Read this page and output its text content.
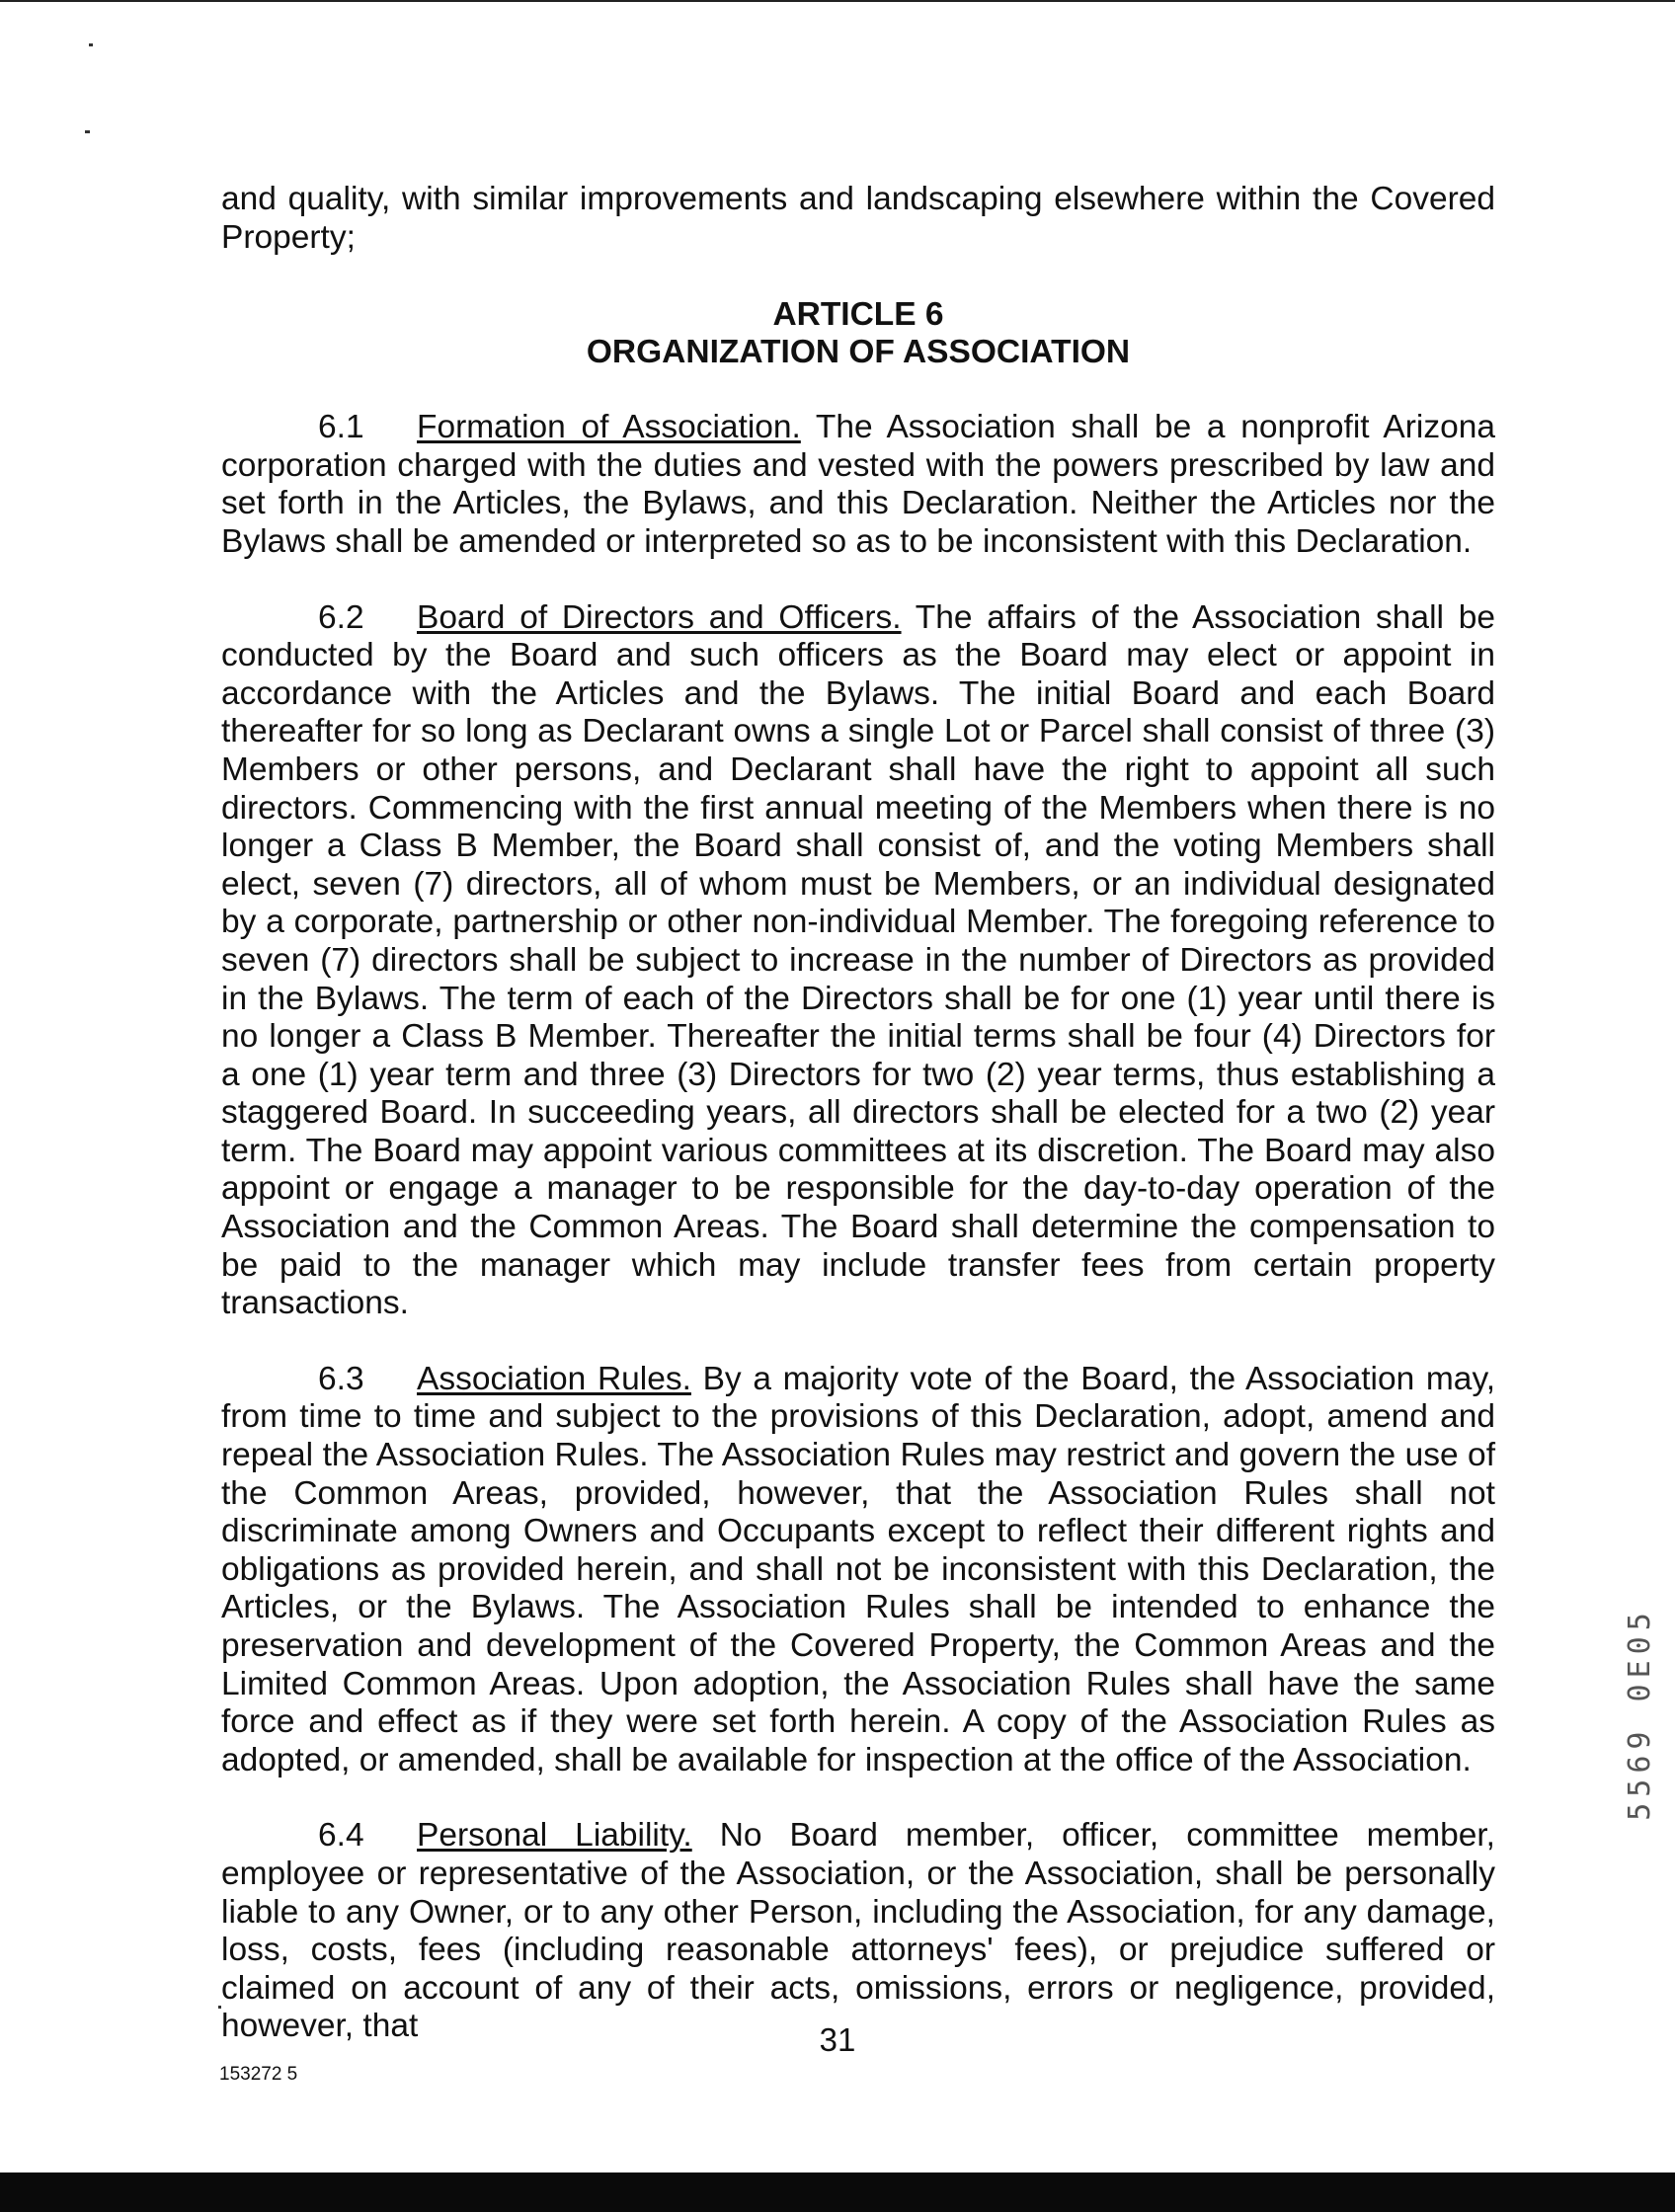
and quality, with similar improvements and landscaping elsewhere within the Covered Property;

ARTICLE 6
ORGANIZATION OF ASSOCIATION

6.1 Formation of Association. The Association shall be a nonprofit Arizona corporation charged with the duties and vested with the powers prescribed by law and set forth in the Articles, the Bylaws, and this Declaration. Neither the Articles nor the Bylaws shall be amended or interpreted so as to be inconsistent with this Declaration.

6.2 Board of Directors and Officers. The affairs of the Association shall be conducted by the Board and such officers as the Board may elect or appoint in accordance with the Articles and the Bylaws. The initial Board and each Board thereafter for so long as Declarant owns a single Lot or Parcel shall consist of three (3) Members or other persons, and Declarant shall have the right to appoint all such directors. Commencing with the first annual meeting of the Members when there is no longer a Class B Member, the Board shall consist of, and the voting Members shall elect, seven (7) directors, all of whom must be Members, or an individual designated by a corporate, partnership or other non-individual Member. The foregoing reference to seven (7) directors shall be subject to increase in the number of Directors as provided in the Bylaws. The term of each of the Directors shall be for one (1) year until there is no longer a Class B Member. Thereafter the initial terms shall be four (4) Directors for a one (1) year term and three (3) Directors for two (2) year terms, thus establishing a staggered Board. In succeeding years, all directors shall be elected for a two (2) year term. The Board may appoint various committees at its discretion. The Board may also appoint or engage a manager to be responsible for the day-to-day operation of the Association and the Common Areas. The Board shall determine the compensation to be paid to the manager which may include transfer fees from certain property transactions.

6.3 Association Rules. By a majority vote of the Board, the Association may, from time to time and subject to the provisions of this Declaration, adopt, amend and repeal the Association Rules. The Association Rules may restrict and govern the use of the Common Areas, provided, however, that the Association Rules shall not discriminate among Owners and Occupants except to reflect their different rights and obligations as provided herein, and shall not be inconsistent with this Declaration, the Articles, or the Bylaws. The Association Rules shall be intended to enhance the preservation and development of the Covered Property, the Common Areas and the Limited Common Areas. Upon adoption, the Association Rules shall have the same force and effect as if they were set forth herein. A copy of the Association Rules as adopted, or amended, shall be available for inspection at the office of the Association.

6.4 Personal Liability. No Board member, officer, committee member, employee or representative of the Association, or the Association, shall be personally liable to any Owner, or to any other Person, including the Association, for any damage, loss, costs, fees (including reasonable attorneys' fees), or prejudice suffered or claimed on account of any of their acts, omissions, errors or negligence, provided, however, that	31
153272 5
5569 0E05
